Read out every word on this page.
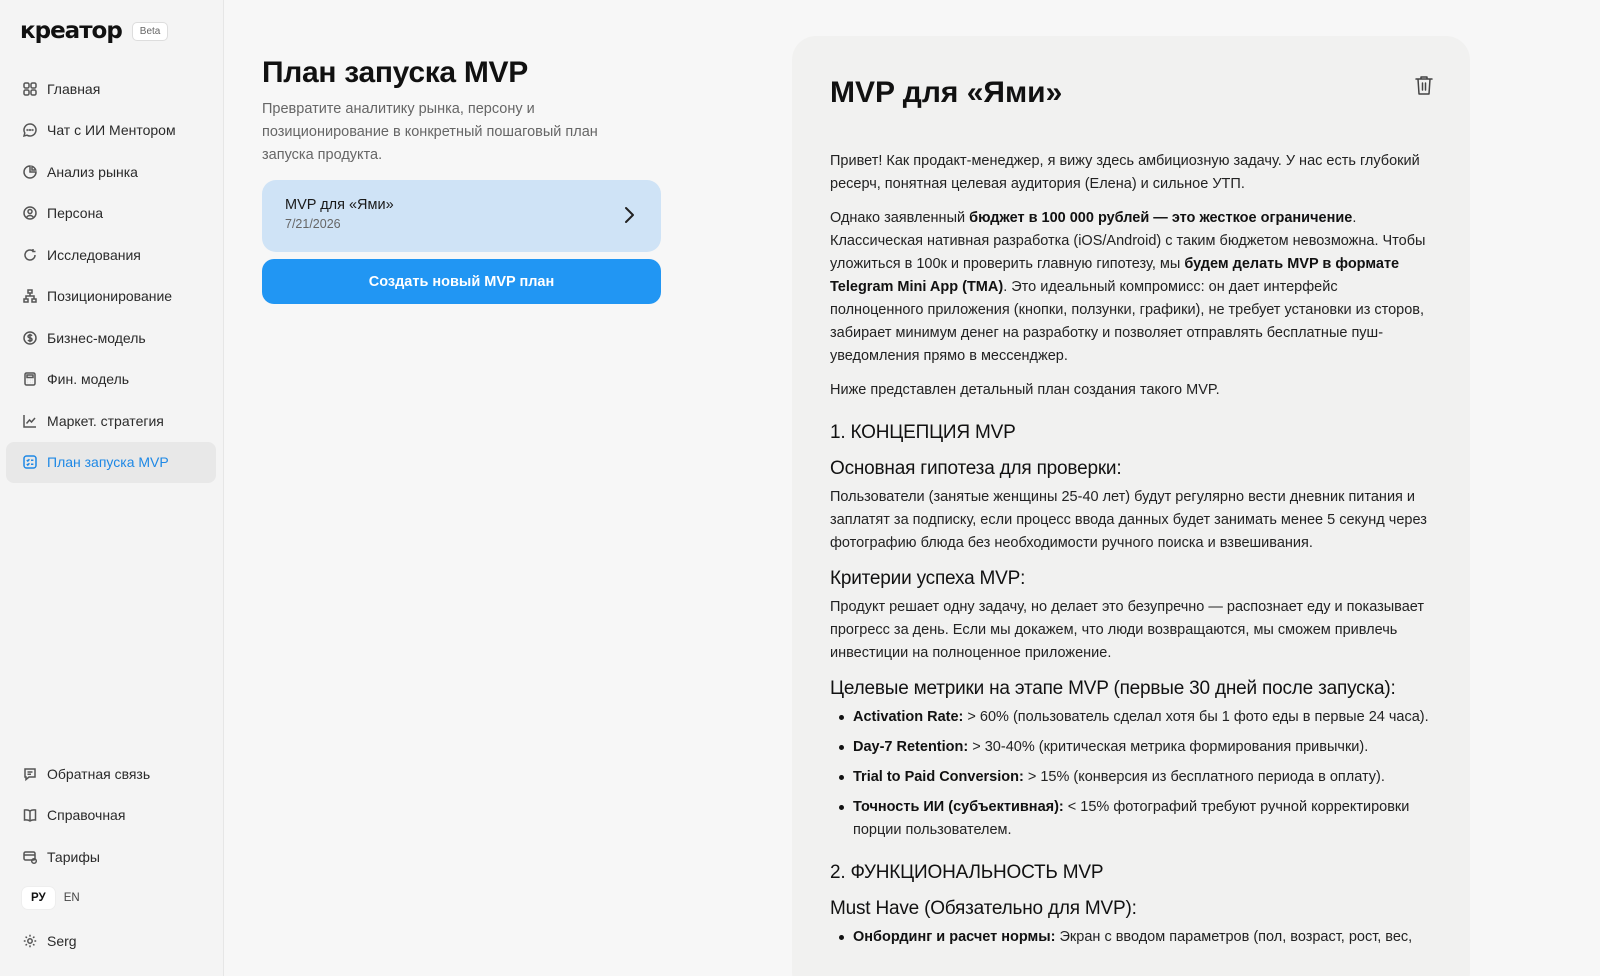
креатор	Beta
Главная
Чат с ИИ Ментором
Анализ рынка
Персона
Исследования
Позиционирование
Бизнес-модель
Фин. модель
Маркет. стратегия
План запуска MVP
Обратная связь
Справочная
Тарифы
РУ	EN
Serg
План запуска MVP

Превратите аналитику рынка, персону и позиционирование в конкретный пошаговый план запуска продукта.

MVP для «Ями»
7/21/2026
Создать новый MVP план
MVP для «Ями»

Привет! Как продакт-менеджер, я вижу здесь амбициозную задачу. У нас есть глубокий ресерч, понятная целевая аудитория (Елена) и сильное УТП.

Однако заявленный бюджет в 100 000 рублей — это жесткое ограничение. Классическая нативная разработка (iOS/Android) с таким бюджетом невозможна. Чтобы уложиться в 100к и проверить главную гипотезу, мы будем делать MVP в формате Telegram Mini App (TMA). Это идеальный компромисс: он дает интерфейс полноценного приложения (кнопки, ползунки, графики), не требует установки из сторов, забирает минимум денег на разработку и позволяет отправлять бесплатные пуш-уведомления прямо в мессенджер.

Ниже представлен детальный план создания такого MVP.

1. КОНЦЕПЦИЯ MVP
Основная гипотеза для проверки:

Пользователи (занятые женщины 25-40 лет) будут регулярно вести дневник питания и заплатят за подписку, если процесс ввода данных будет занимать менее 5 секунд через фотографию блюда без необходимости ручного поиска и взвешивания.

Критерии успеха MVP:

Продукт решает одну задачу, но делает это безупречно — распознает еду и показывает прогресс за день. Если мы докажем, что люди возвращаются, мы сможем привлечь инвестиции на полноценное приложение.

Целевые метрики на этапе MVP (первые 30 дней после запуска):
Activation Rate: > 60% (пользователь сделал хотя бы 1 фото еды в первые 24 часа).
Day-7 Retention: > 30-40% (критическая метрика формирования привычки).
Trial to Paid Conversion: > 15% (конверсия из бесплатного периода в оплату).
Точность ИИ (субъективная): < 15% фотографий требуют ручной корректировки порции пользователем.
2. ФУНКЦИОНАЛЬНОСТЬ MVP
Must Have (Обязательно для MVP):
Онбординг и расчет нормы: Экран с вводом параметров (пол, возраст, рост, вес,
